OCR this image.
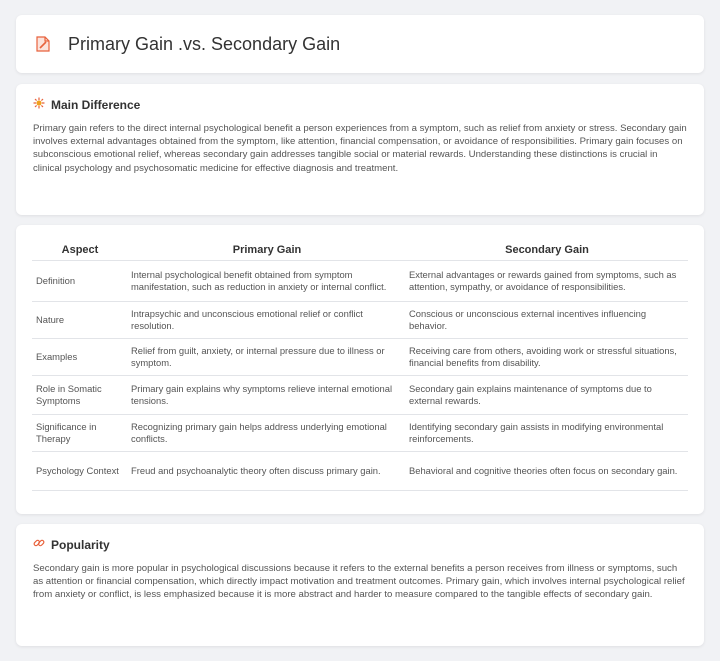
Primary Gain .vs. Secondary Gain
Main Difference
Primary gain refers to the direct internal psychological benefit a person experiences from a symptom, such as relief from anxiety or stress. Secondary gain involves external advantages obtained from the symptom, like attention, financial compensation, or avoidance of responsibilities. Primary gain focuses on subconscious emotional relief, whereas secondary gain addresses tangible social or material rewards. Understanding these distinctions is crucial in clinical psychology and psychosomatic medicine for effective diagnosis and treatment.
Aspect	Primary Gain	Secondary Gain
Definition	Internal psychological benefit obtained from symptom manifestation, such as reduction in anxiety or internal conflict.	External advantages or rewards gained from symptoms, such as attention, sympathy, or avoidance of responsibilities.
Nature	Intrapsychic and unconscious emotional relief or conflict resolution.	Conscious or unconscious external incentives influencing behavior.
Examples	Relief from guilt, anxiety, or internal pressure due to illness or symptom.	Receiving care from others, avoiding work or stressful situations, financial benefits from disability.
Role in Somatic Symptoms	Primary gain explains why symptoms relieve internal emotional tensions.	Secondary gain explains maintenance of symptoms due to external rewards.
Significance in Therapy	Recognizing primary gain helps address underlying emotional conflicts.	Identifying secondary gain assists in modifying environmental reinforcements.
Psychology Context	Freud and psychoanalytic theory often discuss primary gain.	Behavioral and cognitive theories often focus on secondary gain.
Popularity
Secondary gain is more popular in psychological discussions because it refers to the external benefits a person receives from illness or symptoms, such as attention or financial compensation, which directly impact motivation and treatment outcomes. Primary gain, which involves internal psychological relief from anxiety or conflict, is less emphasized because it is more abstract and harder to measure compared to the tangible effects of secondary gain.
